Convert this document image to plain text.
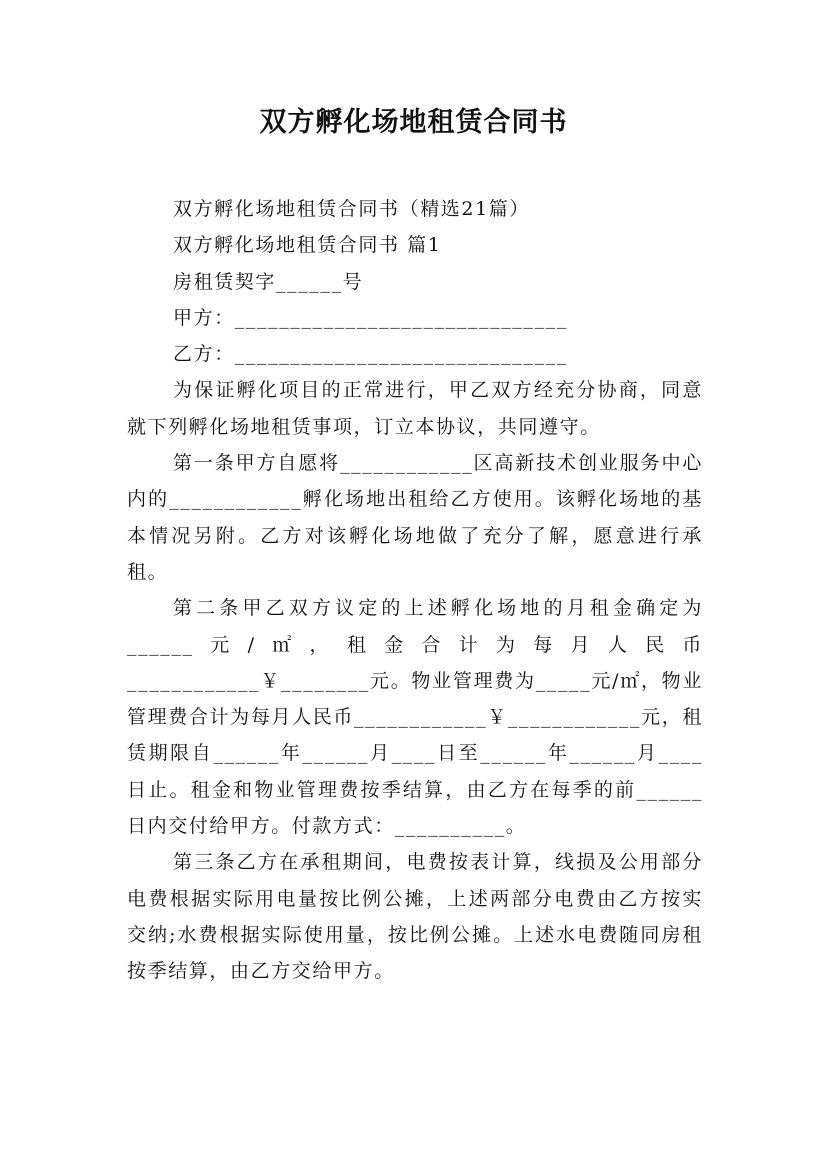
双方孵化场地租赁合同书

双方孵化场地租赁合同书（精选21篇）

双方孵化场地租赁合同书 篇1

房租赁契字______号

甲方：______________________________

乙方：______________________________

为保证孵化项目的正常进行，甲乙双方经充分协商，同意就下列孵化场地租赁事项，订立本协议，共同遵守。

第一条甲方自愿将____________区高新技术创业服务中心内的____________孵化场地出租给乙方使用。该孵化场地的基本情况另附。乙方对该孵化场地做了充分了解，愿意进行承租。

第二条甲乙双方议定的上述孵化场地的月租金确定为______元/㎡，租金合计为每月人民币____________￥________元。物业管理费为_____元/㎡，物业管理费合计为每月人民币____________￥____________元，租赁期限自______年______月____日至______年______月____日止。租金和物业管理费按季结算，由乙方在每季的前______日内交付给甲方。付款方式：__________。

第三条乙方在承租期间，电费按表计算，线损及公用部分电费根据实际用电量按比例公摊，上述两部分电费由乙方按实交纳;水费根据实际使用量，按比例公摊。上述水电费随同房租按季结算，由乙方交给甲方。
